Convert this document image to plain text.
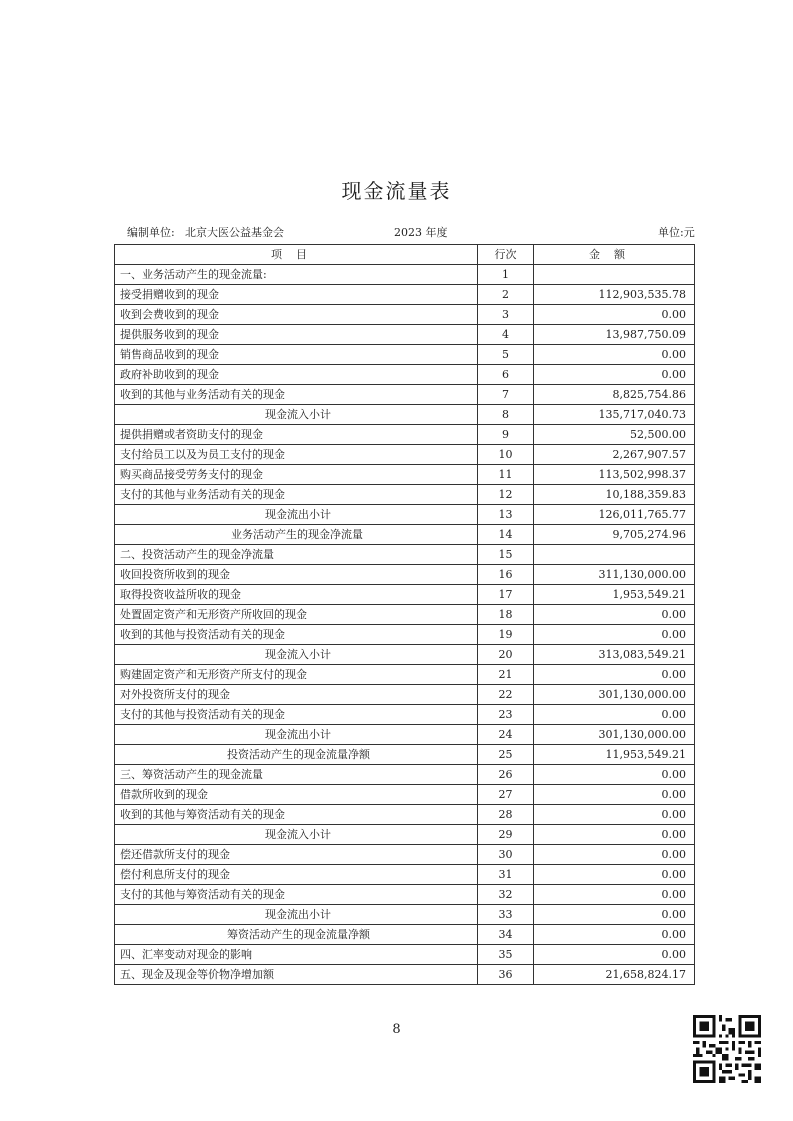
现金流量表
编制单位: 北京大医公益基金会	2023 年度	单位:元
项目	行次	金额
一、业务活动产生的现金流量:	1	
接受捐赠收到的现金	2	112,903,535.78
收到会费收到的现金	3	0.00
提供服务收到的现金	4	13,987,750.09
销售商品收到的现金	5	0.00
政府补助收到的现金	6	0.00
收到的其他与业务活动有关的现金	7	8,825,754.86
现金流入小计	8	135,717,040.73
提供捐赠或者资助支付的现金	9	52,500.00
支付给员工以及为员工支付的现金	10	2,267,907.57
购买商品接受劳务支付的现金	11	113,502,998.37
支付的其他与业务活动有关的现金	12	10,188,359.83
现金流出小计	13	126,011,765.77
业务活动产生的现金净流量	14	9,705,274.96
二、投资活动产生的现金净流量	15	
收回投资所收到的现金	16	311,130,000.00
取得投资收益所收的现金	17	1,953,549.21
处置固定资产和无形资产所收回的现金	18	0.00
收到的其他与投资活动有关的现金	19	0.00
现金流入小计	20	313,083,549.21
购建固定资产和无形资产所支付的现金	21	0.00
对外投资所支付的现金	22	301,130,000.00
支付的其他与投资活动有关的现金	23	0.00
现金流出小计	24	301,130,000.00
投资活动产生的现金流量净额	25	11,953,549.21
三、筹资活动产生的现金流量	26	0.00
借款所收到的现金	27	0.00
收到的其他与筹资活动有关的现金	28	0.00
现金流入小计	29	0.00
偿还借款所支付的现金	30	0.00
偿付利息所支付的现金	31	0.00
支付的其他与筹资活动有关的现金	32	0.00
现金流出小计	33	0.00
筹资活动产生的现金流量净额	34	0.00
四、汇率变动对现金的影响	35	0.00
五、现金及现金等价物净增加额	36	21,658,824.17
8
